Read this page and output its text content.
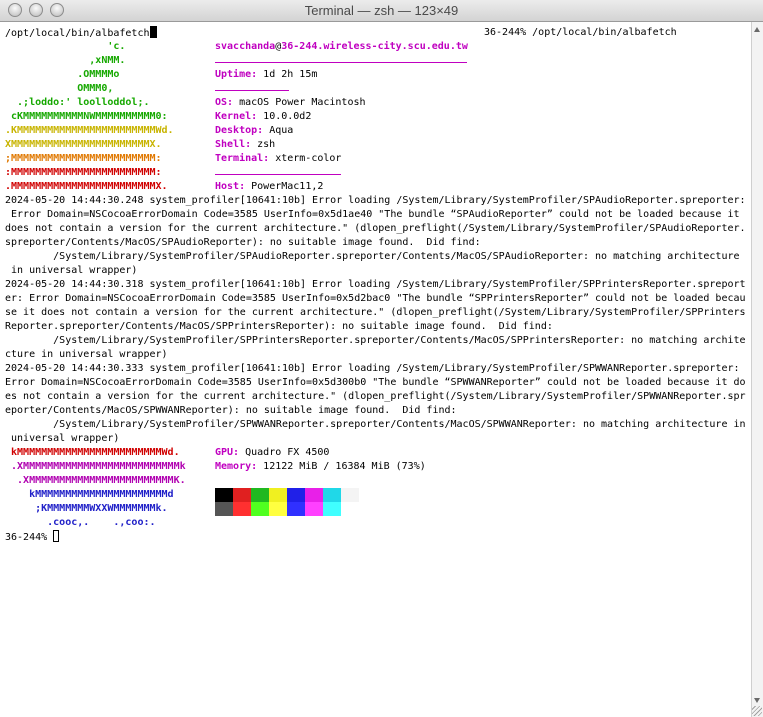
Terminal — zsh — 123×49
/opt/local/bin/albafetch	36-244% /opt/local/bin/albafetch
'c.
,xNMM.
.OMMMMo
OMMM0,
.;loddo:' loolloddol;.
cKMMMMMMMMMMNWMMMMMMMMMM0:
.KMMMMMMMMMMMMMMMMMMMMMMMWd.
XMMMMMMMMMMMMMMMMMMMMMMMX.
;MMMMMMMMMMMMMMMMMMMMMMMM:
:MMMMMMMMMMMMMMMMMMMMMMMM:
.MMMMMMMMMMMMMMMMMMMMMMMMX.
kMMMMMMMMMMMMMMMMMMMMMMMMWd.
.XMMMMMMMMMMMMMMMMMMMMMMMMMMk
.XMMMMMMMMMMMMMMMMMMMMMMMMK.
kMMMMMMMMMMMMMMMMMMMMMMd
;KMMMMMMMWXXWMMMMMMMk.
.cooc,.    .,coo:.
svacchanda@36-244.wireless-city.scu.edu.tw
Uptime: 1d 2h 15m
OS: macOS Power Macintosh
Kernel: 10.0.0d2
Desktop: Aqua
Shell: zsh
Terminal: xterm-color
Host: PowerMac11,2
GPU: Quadro FX 4500
Memory: 12122 MiB / 16384 MiB (73%)
2024-05-20 14:44:30.248 system_profiler[10641:10b] Error loading /System/Library/SystemProfiler/SPAudioReporter.spreporter:
Error Domain=NSCocoaErrorDomain Code=3585 UserInfo=0x5d1ae40 "The bundle “SPAudioReporter” could not be loaded because it
does not contain a version for the current architecture." (dlopen_preflight(/System/Library/SystemProfiler/SPAudioReporter.
spreporter/Contents/MacOS/SPAudioReporter): no suitable image found.  Did find:
/System/Library/SystemProfiler/SPAudioReporter.spreporter/Contents/MacOS/SPAudioReporter: no matching architecture
in universal wrapper)
2024-05-20 14:44:30.318 system_profiler[10641:10b] Error loading /System/Library/SystemProfiler/SPPrintersReporter.spreport
er: Error Domain=NSCocoaErrorDomain Code=3585 UserInfo=0x5d2bac0 "The bundle “SPPrintersReporter” could not be loaded becau
se it does not contain a version for the current architecture." (dlopen_preflight(/System/Library/SystemProfiler/SPPrinters
Reporter.spreporter/Contents/MacOS/SPPrintersReporter): no suitable image found.  Did find:
/System/Library/SystemProfiler/SPPrintersReporter.spreporter/Contents/MacOS/SPPrintersReporter: no matching archite
cture in universal wrapper)
2024-05-20 14:44:30.333 system_profiler[10641:10b] Error loading /System/Library/SystemProfiler/SPWWANReporter.spreporter:
Error Domain=NSCocoaErrorDomain Code=3585 UserInfo=0x5d300b0 "The bundle “SPWWANReporter” could not be loaded because it do
es not contain a version for the current architecture." (dlopen_preflight(/System/Library/SystemProfiler/SPWWANReporter.spr
eporter/Contents/MacOS/SPWWANReporter): no suitable image found.  Did find:
/System/Library/SystemProfiler/SPWWANReporter.spreporter/Contents/MacOS/SPWWANReporter: no matching architecture in
universal wrapper)
36-244%
